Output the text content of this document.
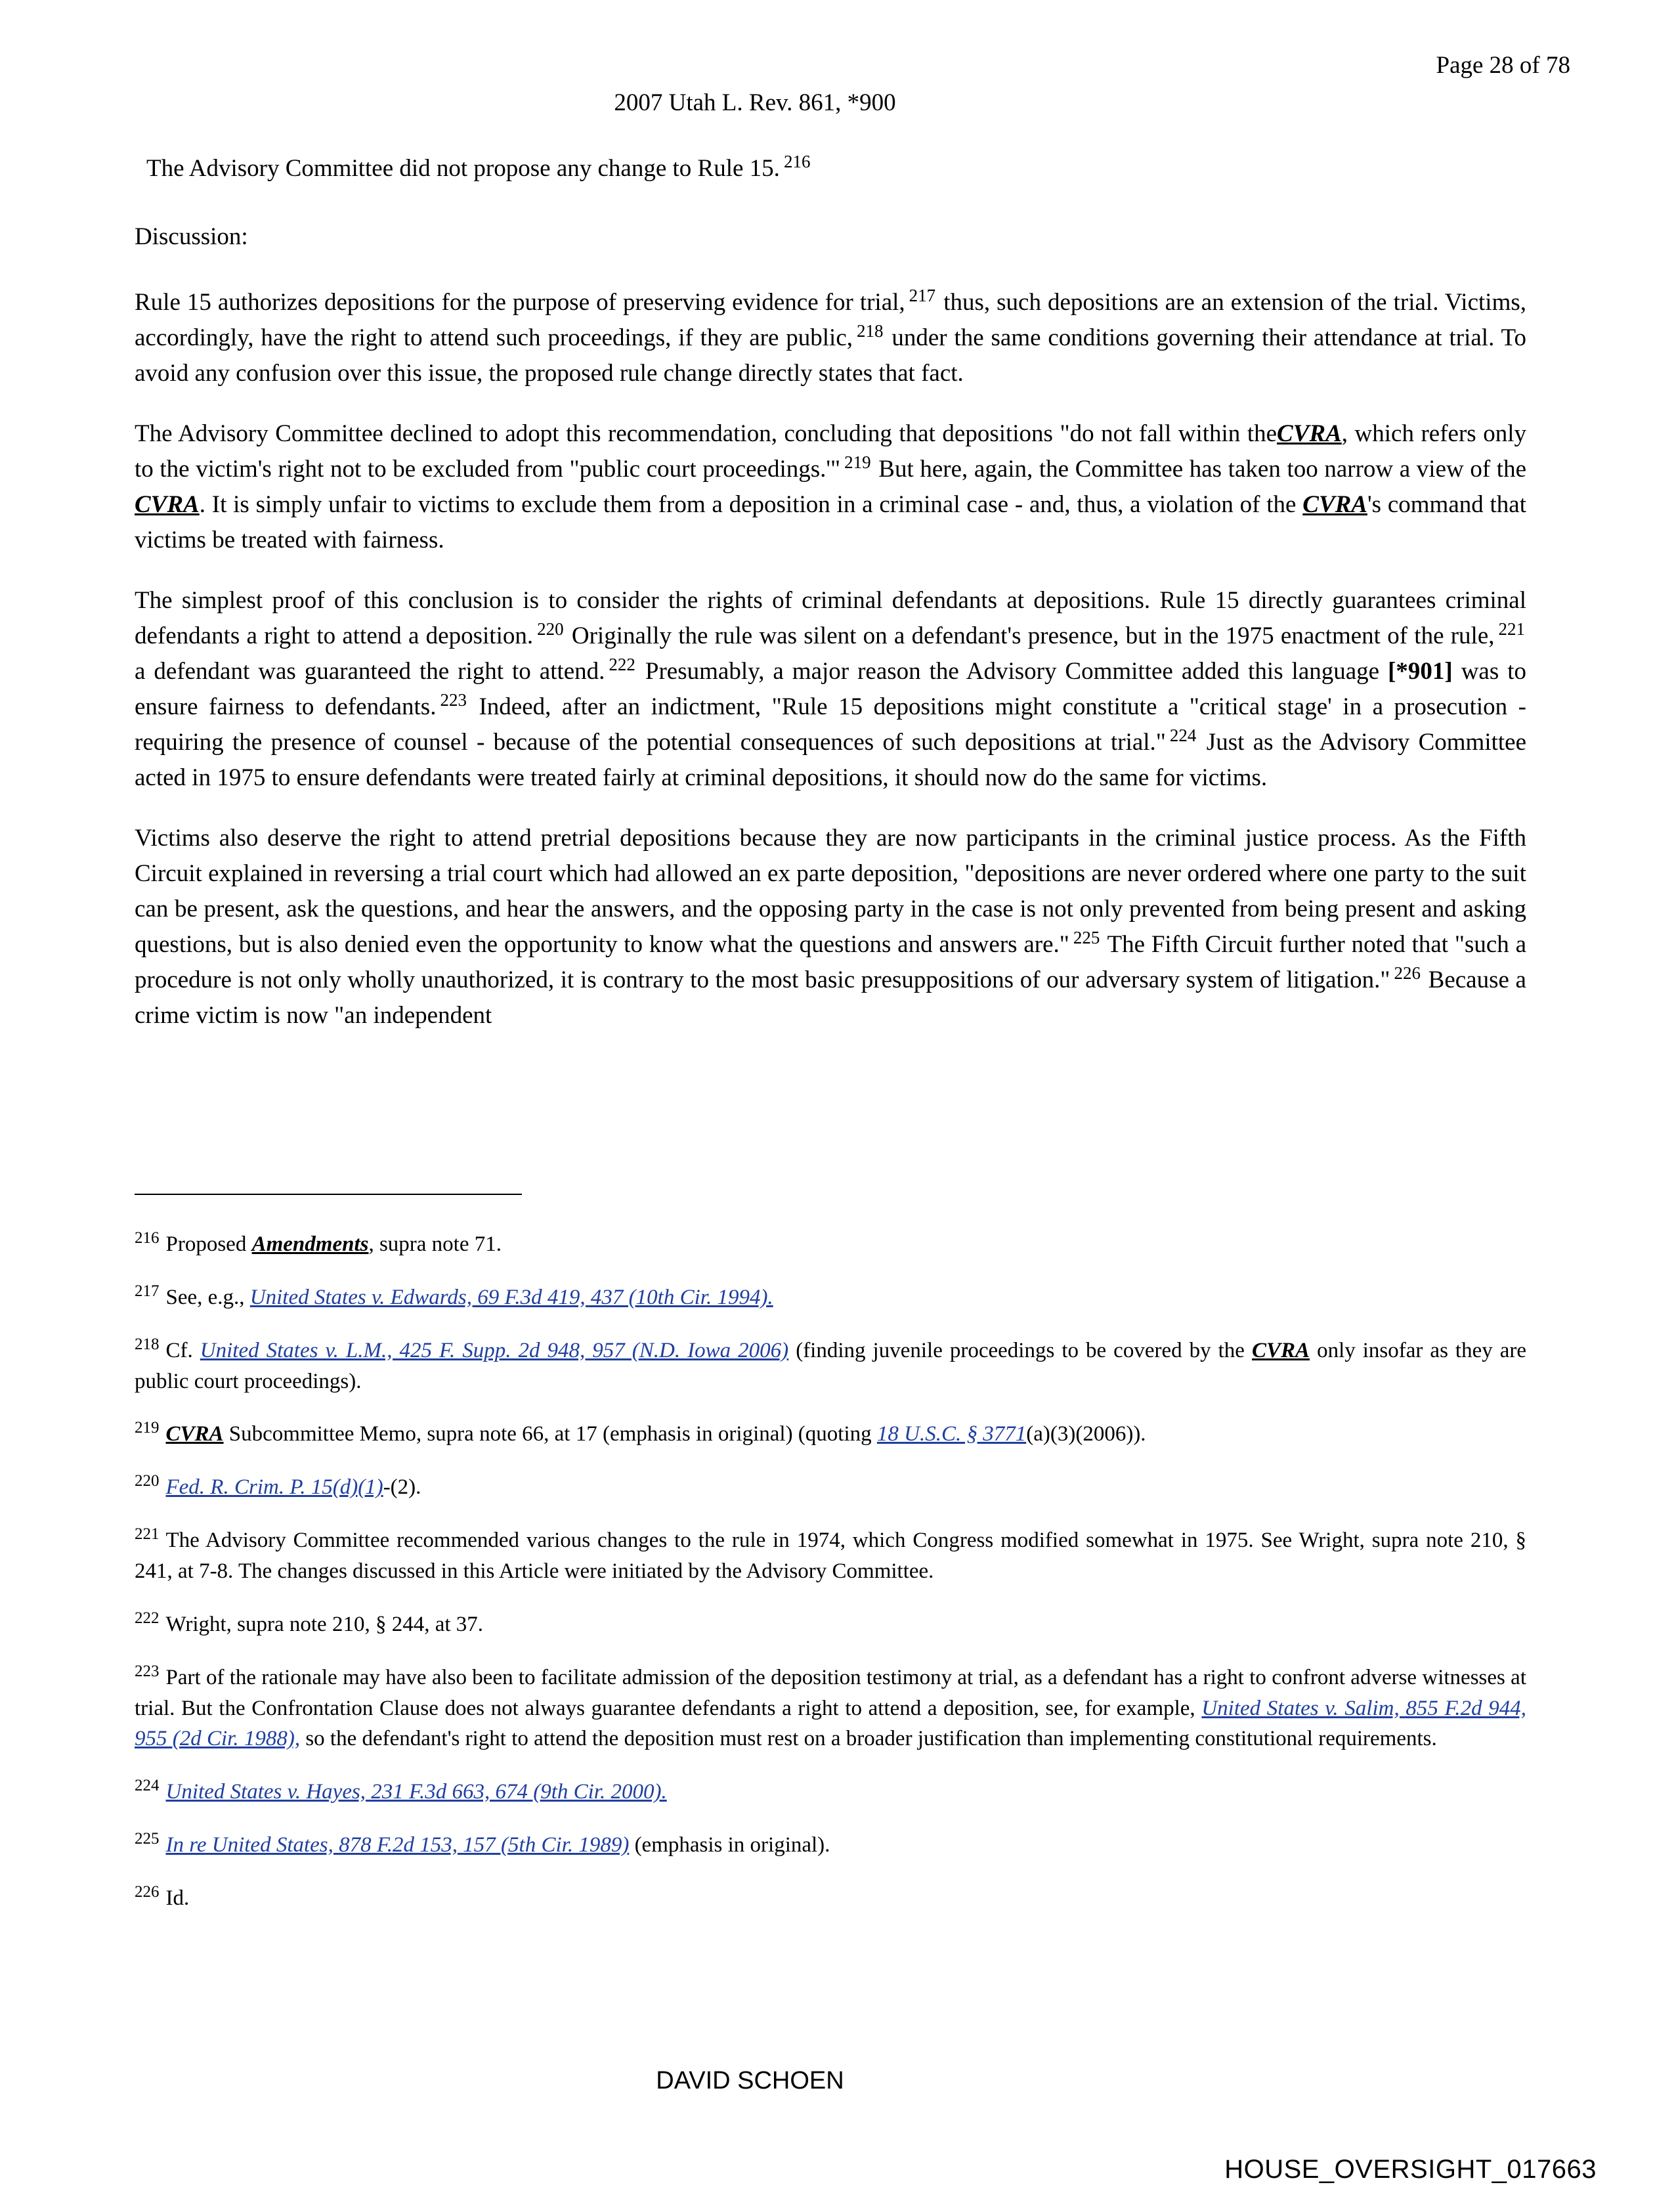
Page 28 of 78
2007 Utah L. Rev. 861, *900

The Advisory Committee did not propose any change to Rule 15. $^{216}$

Discussion:

Rule 15 authorizes depositions for the purpose of preserving evidence for trial, $^{217}$ thus, such depositions are an extension of the trial. Victims, accordingly, have the right to attend such proceedings, if they are public, $^{218}$ under the same conditions governing their attendance at trial. To avoid any confusion over this issue, the proposed rule change directly states that fact.

The Advisory Committee declined to adopt this recommendation, concluding that depositions "do not fall within theCVRA, which refers only to the victim's right not to be excluded from "public court proceedings.'" $^{219}$ But here, again, the Committee has taken too narrow a view of the CVRA. It is simply unfair to victims to exclude them from a deposition in a criminal case - and, thus, a violation of the CVRA's command that victims be treated with fairness.

The simplest proof of this conclusion is to consider the rights of criminal defendants at depositions. Rule 15 directly guarantees criminal defendants a right to attend a deposition. $^{220}$ Originally the rule was silent on a defendant's presence, but in the 1975 enactment of the rule, $^{221}$ a defendant was guaranteed the right to attend. $^{222}$ Presumably, a major reason the Advisory Committee added this language [*901] was to ensure fairness to defendants. $^{223}$ Indeed, after an indictment, "Rule 15 depositions might constitute a "critical stage' in a prosecution - requiring the presence of counsel - because of the potential consequences of such depositions at trial." $^{224}$ Just as the Advisory Committee acted in 1975 to ensure defendants were treated fairly at criminal depositions, it should now do the same for victims.

Victims also deserve the right to attend pretrial depositions because they are now participants in the criminal justice process. As the Fifth Circuit explained in reversing a trial court which had allowed an ex parte deposition, "depositions are never ordered where one party to the suit can be present, ask the questions, and hear the answers, and the opposing party in the case is not only prevented from being present and asking questions, but is also denied even the opportunity to know what the questions and answers are." $^{225}$ The Fifth Circuit further noted that "such a procedure is not only wholly unauthorized, it is contrary to the most basic presuppositions of our adversary system of litigation." $^{226}$ Because a crime victim is now "an independent

$^{216}$ Proposed Amendments, supra note 71.

$^{217}$ See, e.g., United States v. Edwards, 69 F.3d 419, 437 (10th Cir. 1994).

$^{218}$ Cf. United States v. L.M., 425 F. Supp. 2d 948, 957 (N.D. Iowa 2006) (finding juvenile proceedings to be covered by the CVRA only insofar as they are public court proceedings).

$^{219}$ CVRA Subcommittee Memo, supra note 66, at 17 (emphasis in original) (quoting 18 U.S.C. § 3771(a)(3)(2006)).

$^{220}$ Fed. R. Crim. P. 15(d)(1)-(2).

$^{221}$ The Advisory Committee recommended various changes to the rule in 1974, which Congress modified somewhat in 1975. See Wright, supra note 210, § 241, at 7-8. The changes discussed in this Article were initiated by the Advisory Committee.

$^{222}$ Wright, supra note 210, § 244, at 37.

$^{223}$ Part of the rationale may have also been to facilitate admission of the deposition testimony at trial, as a defendant has a right to confront adverse witnesses at trial. But the Confrontation Clause does not always guarantee defendants a right to attend a deposition, see, for example, United States v. Salim, 855 F.2d 944, 955 (2d Cir. 1988), so the defendant's right to attend the deposition must rest on a broader justification than implementing constitutional requirements.

$^{224}$ United States v. Hayes, 231 F.3d 663, 674 (9th Cir. 2000).

$^{225}$ In re United States, 878 F.2d 153, 157 (5th Cir. 1989) (emphasis in original).

$^{226}$ Id.

DAVID SCHOEN
HOUSE_OVERSIGHT_017663
